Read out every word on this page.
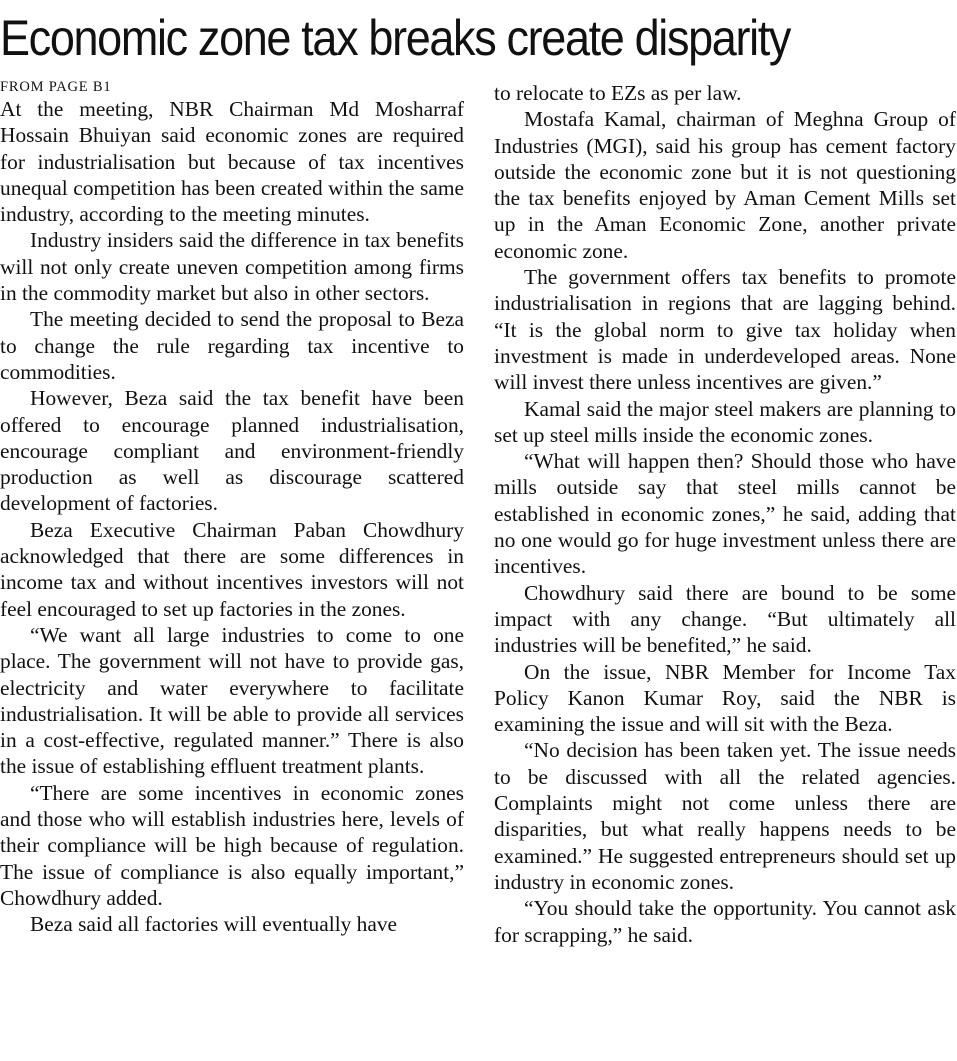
Economic zone tax breaks create disparity
FROM PAGE B1

At the meeting, NBR Chairman Md Mosharraf Hossain Bhuiyan said economic zones are required for industrialisation but because of tax incentives unequal competition has been created within the same industry, according to the meeting minutes.

Industry insiders said the difference in tax benefits will not only create uneven competition among firms in the commodity market but also in other sectors.

The meeting decided to send the proposal to Beza to change the rule regarding tax incentive to commodities.

However, Beza said the tax benefit have been offered to encourage planned industrialisation, encourage compliant and environment-friendly production as well as discourage scattered development of factories.

Beza Executive Chairman Paban Chowdhury acknowledged that there are some differences in income tax and without incentives investors will not feel encouraged to set up factories in the zones.

“We want all large industries to come to one place. The government will not have to provide gas, electricity and water everywhere to facilitate industrialisation. It will be able to provide all services in a cost-effective, regulated manner.” There is also the issue of establishing effluent treatment plants.

“There are some incentives in economic zones and those who will establish industries here, levels of their compliance will be high because of regulation. The issue of compliance is also equally important,” Chowdhury added.

Beza said all factories will eventually have

to relocate to EZs as per law.

Mostafa Kamal, chairman of Meghna Group of Industries (MGI), said his group has cement factory outside the economic zone but it is not questioning the tax benefits enjoyed by Aman Cement Mills set up in the Aman Economic Zone, another private economic zone.

The government offers tax benefits to promote industrialisation in regions that are lagging behind. “It is the global norm to give tax holiday when investment is made in underdeveloped areas. None will invest there unless incentives are given.”

Kamal said the major steel makers are planning to set up steel mills inside the economic zones.

“What will happen then? Should those who have mills outside say that steel mills cannot be established in economic zones,” he said, adding that no one would go for huge investment unless there are incentives.

Chowdhury said there are bound to be some impact with any change. “But ultimately all industries will be benefited,” he said.

On the issue, NBR Member for Income Tax Policy Kanon Kumar Roy, said the NBR is examining the issue and will sit with the Beza.

“No decision has been taken yet. The issue needs to be discussed with all the related agencies. Complaints might not come unless there are disparities, but what really happens needs to be examined.” He suggested entrepreneurs should set up industry in economic zones.

“You should take the opportunity. You cannot ask for scrapping,” he said.
